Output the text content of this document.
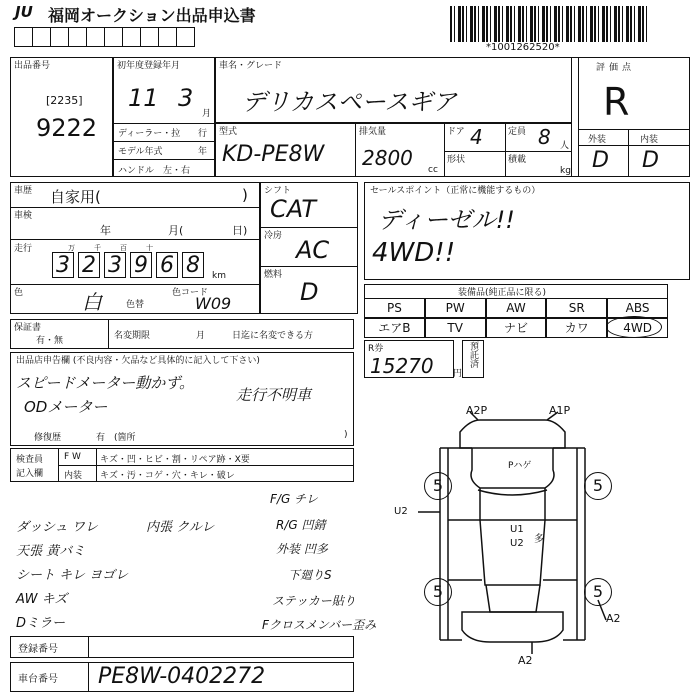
JU 福岡オークション出品申込書
*1001262520*
出品番号
[2235]
9222
初年度登録年月
11 3
月
ディーラー・拉 行
モデル年式	年
ハンドル　左・右
車名・グレード
デリカスペースギア
型式
KD-PE8W
排気量
2800 cc
ドア 4	定員 8 人
形状	積載
kg
評価点
R
外装	内装
D D
車歴 自家用(	)
車検
年	月(	日)
走行
3 2 3 9 6 8
万	千	百	十
km
色	白	色替
色コード
W09
シフト
CAT
冷房 AC
燃料
D
セールスポイント（正常に機能するもの）
ディーゼル!!
4WD!!
装備品(純正品に限る)
PS	PW	AW	SR	ABS
エアB	TV	ナビ	カワ	4WD
R券
15270 円
預託済
保証書
有・無	名変期限	月	日迄に名変できる方
出品店申告欄 (不良内容・欠品など具体的に記入して下さい)
スピードメーター動かず。
ODメーター
走行不明車
修復歴	有　(箇所	)
検査員
記入欄
F W キズ・凹・ヒビ・割・リペア跡・X要
内装 キズ・汚・コゲ・穴・キレ・破レ
ダッシュ ワレ
天張 黄バミ
シート キレ ヨゴレ
AW キズ
Dミラー
内張 クルレ
F/G チレ
R/G 凹錆
外装 凹多
下廻りS
ステッカー貼り
Fクロスメンバー歪み
登録番号
車台番号 PE8W-0402272
A2P	A1P
Pハゲ
U2
U1
U2 多
A2
A2
5	5
5	5
